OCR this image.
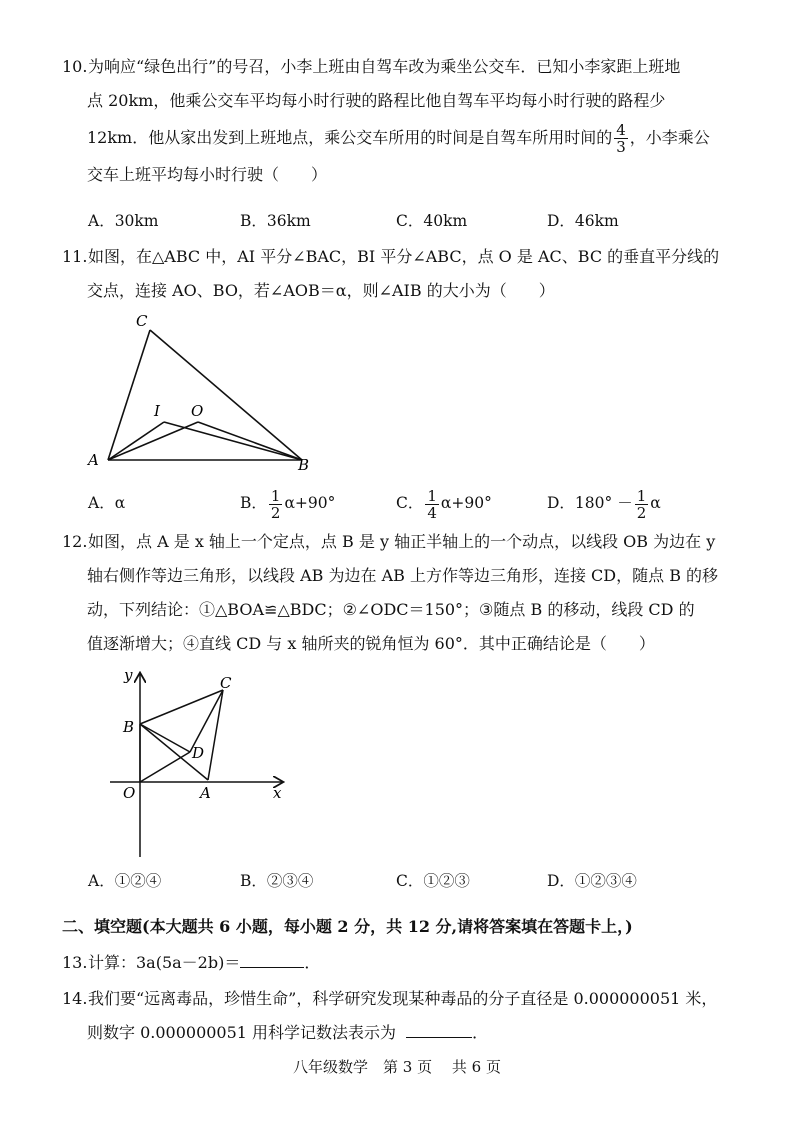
10.为响应“绿色出行”的号召，小李上班由自驾车改为乘坐公交车．已知小李家距上班地
点 20km，他乘公交车平均每小时行驶的路程比他自驾车平均每小时行驶的路程少
12km．他从家出发到上班地点，乘公交车所用的时间是自驾车所用时间的 $\frac{4}{3}$ ，小李乘公
交车上班平均每小时行驶（　　）
A．30km	B．36km	C．40km	D．46km
11.如图，在△ABC 中，AI 平分∠BAC，BI 平分∠ABC，点 O 是 AC、BC 的垂直平分线的
交点，连接 AO、BO，若∠AOB＝α，则∠AIB 的大小为（　　）
C
I O
A	B
A．α	B． $\frac{1}{2} \alpha+90^\circ$	C． $\frac{1}{4} \alpha+90^\circ$	D．$180^\circ - \frac{1}{2}$ α
12.如图，点 A 是 x 轴上一个定点，点 B 是 y 轴正半轴上的一个动点，以线段 OB 为边在 y
轴右侧作等边三角形，以线段 AB 为边在 AB 上方作等边三角形，连接 CD，随点 B 的移
动，下列结论：①△BOA≌△BDC；②∠ODC＝150°；③随点 B 的移动，线段 CD 的
值逐渐增大；④直线 CD 与 x 轴所夹的锐角恒为 60°．其中正确结论是（　　）
y	C
B
D
O	A	x
A．①②④	B．②③④	C．①②③	D．①②③④
二、填空题(本大题共 6 小题，每小题 2 分，共 12 分,请将答案填在答题卡上，)
13.计算：3a(5a－2b)＝	．
14.我们要“远离毒品，珍惜生命”，科学研究发现某种毒品的分子直径是 0.000000051 米，
则数字 0.000000051 用科学记数法表示为	．
八年级数学　第 3 页　 共 6 页
